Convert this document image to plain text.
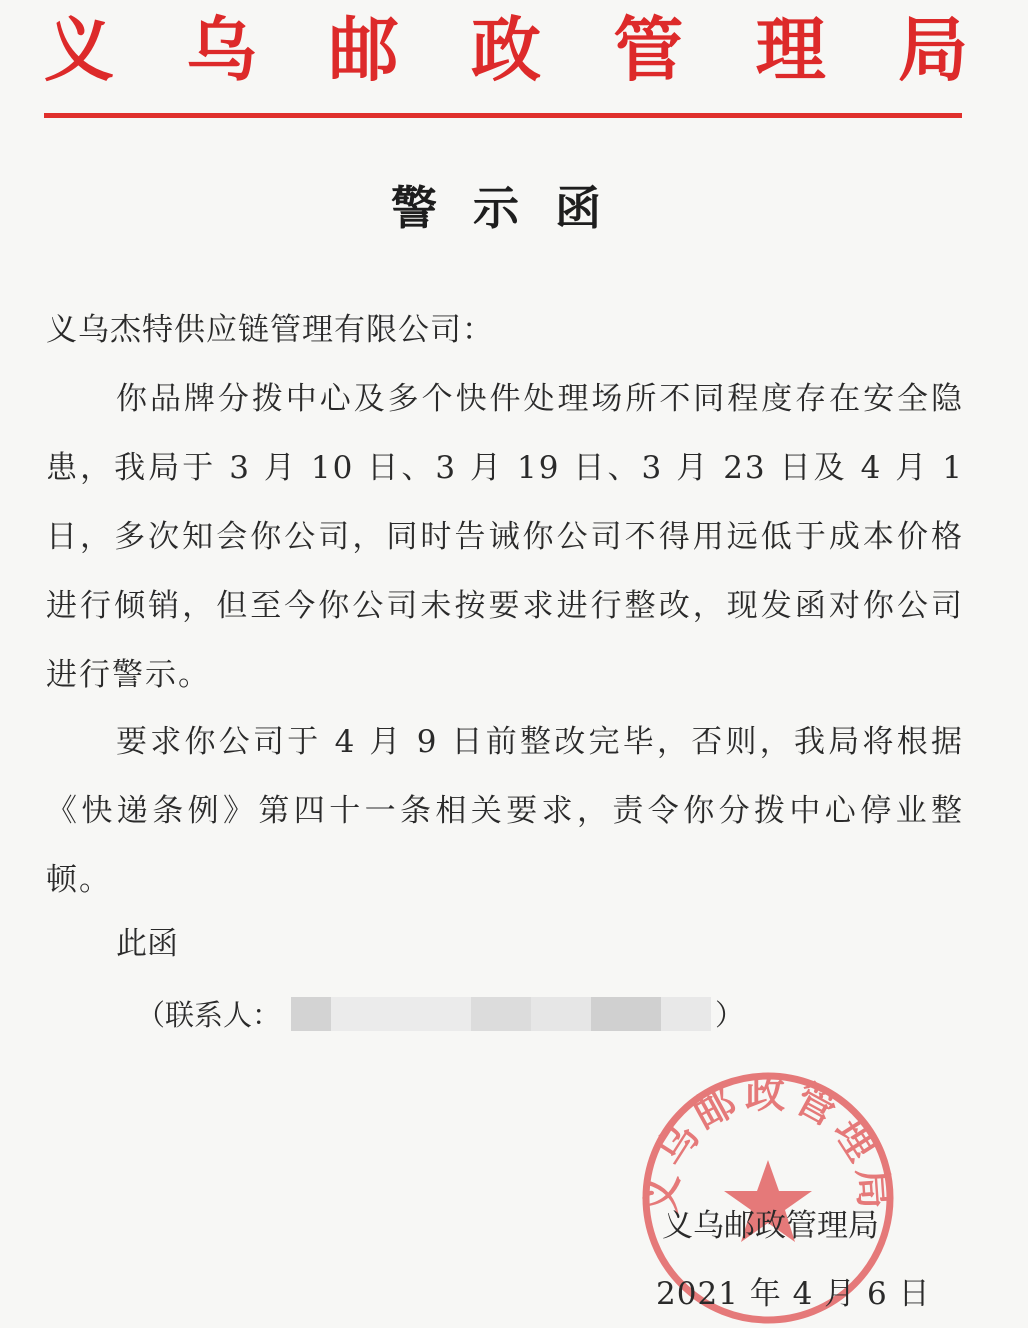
义 乌 邮 政 管 理 局
警示函
义乌杰特供应链管理有限公司：
你品牌分拨中心及多个快件处理场所不同程度存在安全隐患，我局于 3 月 10 日、3 月 19 日、3 月 23 日及 4 月 1 日，多次知会你公司，同时告诫你公司不得用远低于成本价格进行倾销，但至今你公司未按要求进行整改，现发函对你公司进行警示。
要求你公司于 4 月 9 日前整改完毕，否则，我局将根据《快递条例》第四十一条相关要求，责令你分拨中心停业整顿。
此函
（联系人：	）
义乌邮政管理局
义乌邮政管理局
2021 年 4 月 6 日
